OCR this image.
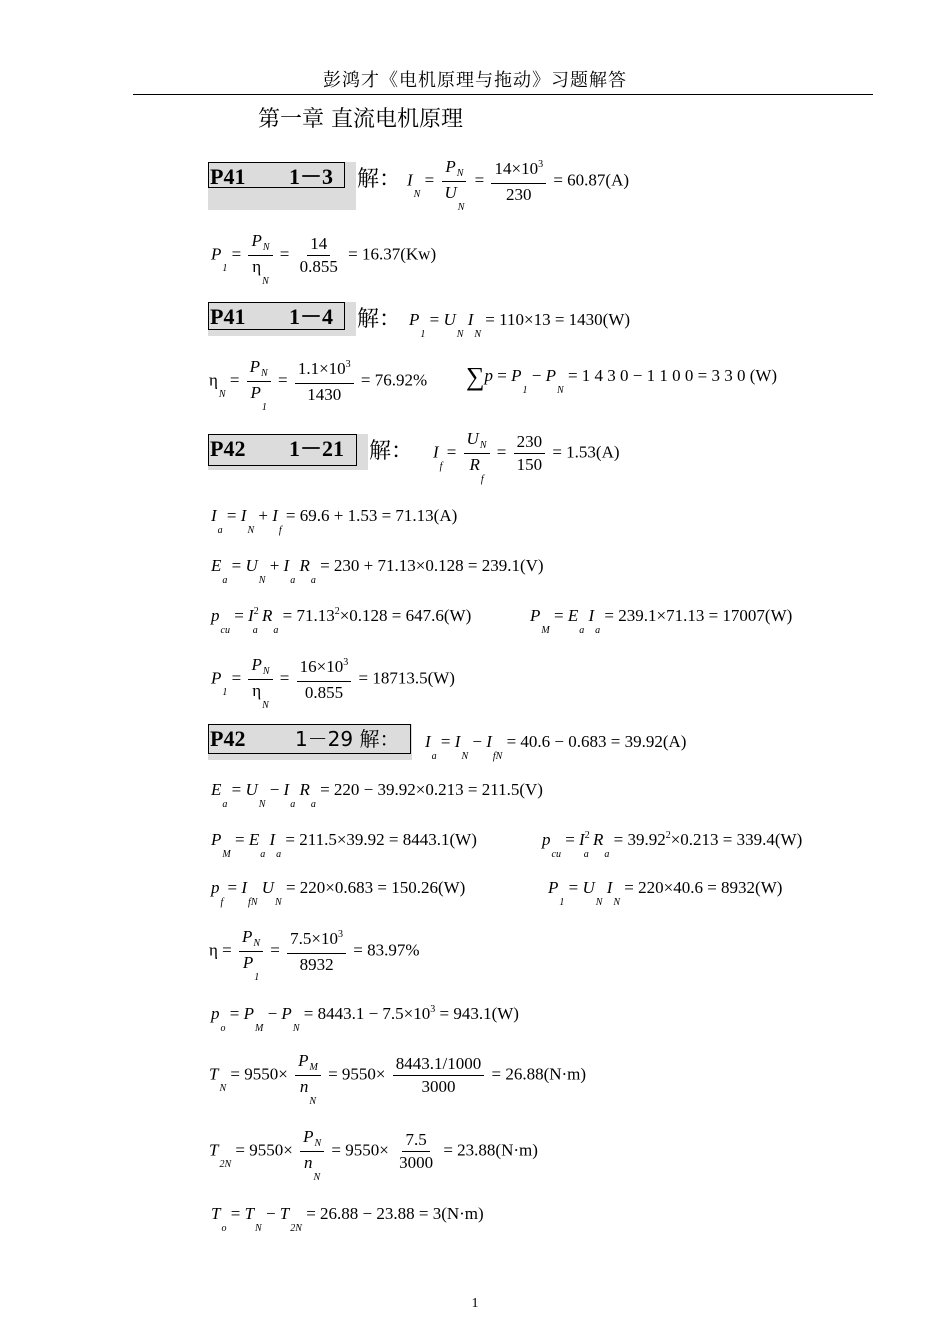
彭鸿才《电机原理与拖动》习题解答
第一章 直流电机原理
P41 1－3	解： $I_N = \frac{P_N}{U_N} = \frac{14\times 10^3}{230} = 60.87(A)$
$P_1 = \frac{P_N}{\eta_N} = \frac{14}{0.855} = 16.37(Kw)$
P41 1－4	解： $P_1 = U_N$ $I_N = 110\times 13 = 1430(W)$
$\eta_N = \frac{P_N}{P_1} = \frac{1.1\times 10^3}{1430} = 76.92\%$ $\sum p = P_1 - P_N = 1$ 4 3 0 − 1 1 0 0 = 3 3 0 (W)
P42 1－21	解： $I_f = \frac{U_N}{R_f} = \frac{230}{150} = 1.53(A)$
$I_a = I_N + I_f = 69.6 + 1.53 = 71.13(A)$
$E_a = U_N + I_a$ $R_a = 230 + 71.13\times 0.128 = 239.1(V)$
$p_{cu} = I^2_a$ $R_a = 71.13^2\times 0.128 = 647.6(W)$	$P_M = E_a$ $I_a = 239.1\times 71.13 = 17007(W)$
$P_1 = \frac{P_N}{\eta_N} = \frac{16\times 10^3}{0.855} = 18713.5(W)$
P42 1－29 解：	$I_a = I_N - I_{fN} = 40.6 - 0.683 = 39.92(A)$
$E_a = U_N - I_a$ $R_a = 220 - 39.92\times 0.213 = 211.5(V)$
$P_M = E_a$ $I_a = 211.5\times 39.92 = 8443.1(W)$	$p_{cu} = I^2_a$ $R_a = 39.92^2\times 0.213 = 339.4(W)$
$p_f = I_{fN}$ $U_N = 220\times 0.683 = 150.26(W)$	$P_1 = U_N$ $I_N = 220\times 40.6 = 8932(W)$
$\eta = \frac{P_N}{P_1} = \frac{7.5\times 10^3}{8932} = 83.97\%$
$p_o = P_M - P_N = 8443.1 - 7.5\times 10^3 = 943.1(W)$
$T_N = 9550\times \frac{P_M}{n_N} = 9550\times \frac{8443.1/1000}{3000} = 26.88(N\cdot m)$
$T_{2N} = 9550\times \frac{P_N}{n_N} = 9550\times \frac{7.5}{3000} = 23.88(N\cdot m)$
$T_o = T_N - T_{2N} = 26.88 - 23.88 = 3(N\cdot m)$
1
